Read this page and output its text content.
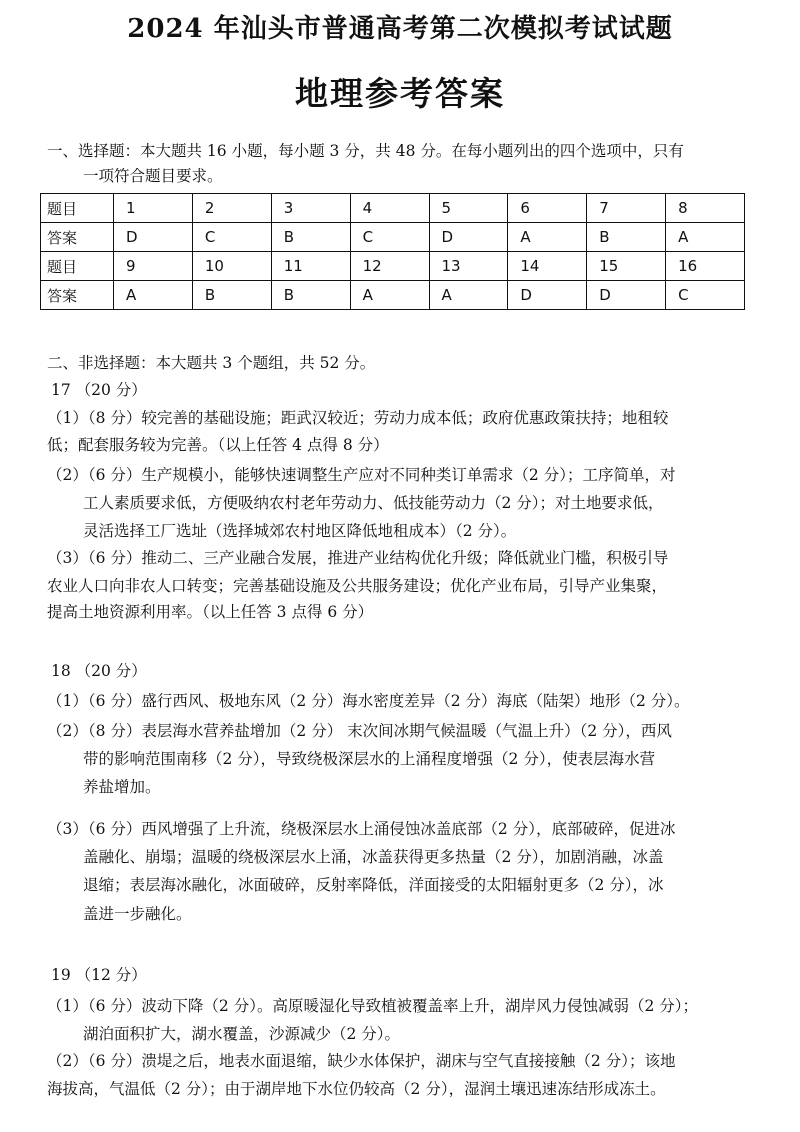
2024 年汕头市普通高考第二次模拟考试试题
地理参考答案
一、选择题：本大题共 16 小题，每小题 3 分，共 48 分。在每小题列出的四个选项中，只有
一项符合题目要求。
题目	1	2	3	4	5	6	7	8
答案	D	C	B	C	D	A	B	A
题目	9	10	11	12	13	14	15	16
答案	A	B	B	A	A	D	D	C
二、非选择题：本大题共 3 个题组，共 52 分。
17 （20 分）
（1）（8 分）较完善的基础设施；距武汉较近；劳动力成本低；政府优惠政策扶持；地租较
低；配套服务较为完善。（以上任答 4 点得 8 分）
（2）（6 分）生产规模小，能够快速调整生产应对不同种类订单需求（2 分）；工序简单，对
工人素质要求低，方便吸纳农村老年劳动力、低技能劳动力（2 分）；对土地要求低，
灵活选择工厂选址（选择城郊农村地区降低地租成本）（2 分）。
（3）（6 分）推动二、三产业融合发展，推进产业结构优化升级；降低就业门槛，积极引导
农业人口向非农人口转变；完善基础设施及公共服务建设；优化产业布局，引导产业集聚，
提高土地资源利用率。（以上任答 3 点得 6 分）
18 （20 分）
（1）（6 分）盛行西风、极地东风（2 分）海水密度差异（2 分）海底（陆架）地形（2 分）。
（2）（8 分）表层海水营养盐增加（2 分） 末次间冰期气候温暖（气温上升）（2 分），西风
带的影响范围南移（2 分），导致绕极深层水的上涌程度增强（2 分），使表层海水营
养盐增加。
（3）（6 分）西风增强了上升流，绕极深层水上涌侵蚀冰盖底部（2 分），底部破碎，促进冰
盖融化、崩塌；温暖的绕极深层水上涌，冰盖获得更多热量（2 分），加剧消融，冰盖
退缩；表层海冰融化，冰面破碎，反射率降低，洋面接受的太阳辐射更多（2 分），冰
盖进一步融化。
19 （12 分）
（1）（6 分）波动下降（2 分）。高原暖湿化导致植被覆盖率上升，湖岸风力侵蚀减弱（2 分）；
湖泊面积扩大，湖水覆盖，沙源减少（2 分）。
（2）（6 分）溃堤之后，地表水面退缩，缺少水体保护，湖床与空气直接接触（2 分）；该地
海拔高，气温低（2 分）；由于湖岸地下水位仍较高（2 分），湿润土壤迅速冻结形成冻土。
